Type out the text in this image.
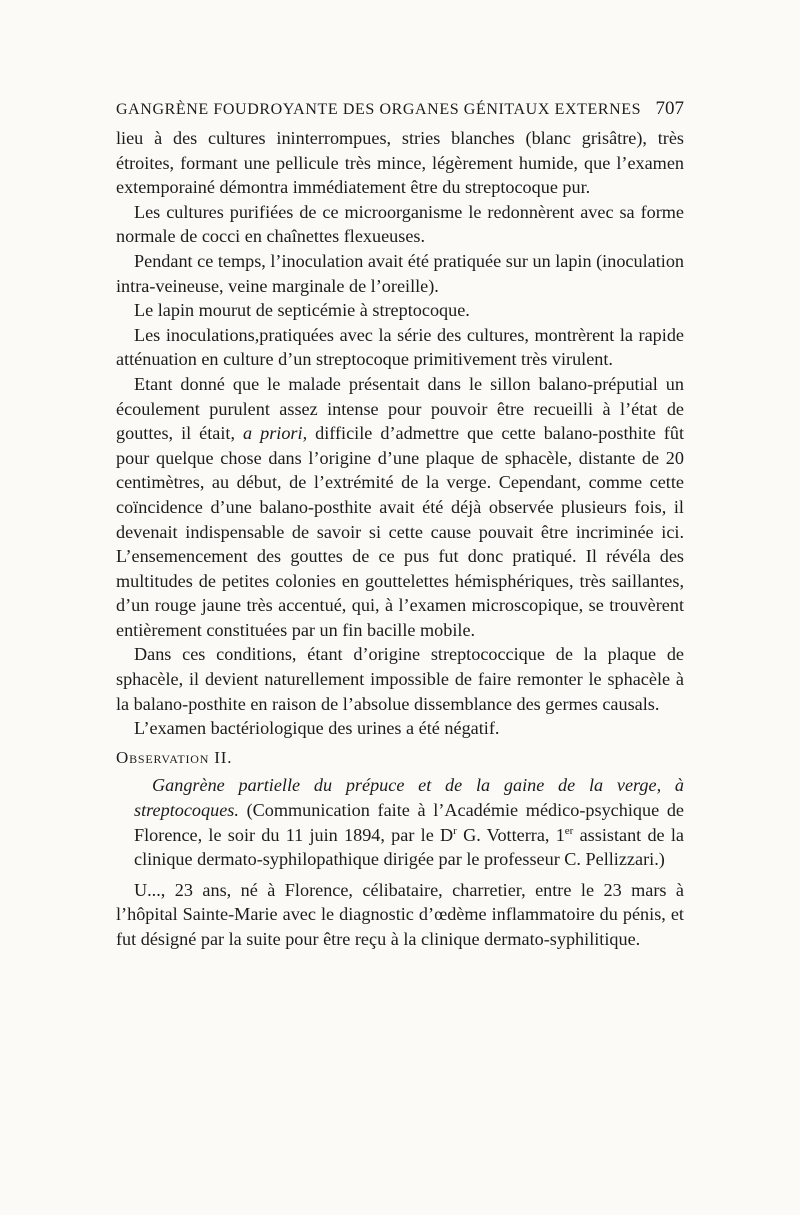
GANGRÈNE FOUDROYANTE DES ORGANES GÉNITAUX EXTERNES 707

lieu à des cultures ininterrompues, stries blanches (blanc grisâtre), très étroites, formant une pellicule très mince, légèrement humide, que l’examen extemporainé démontra immédiatement être du streptocoque pur.

Les cultures purifiées de ce microorganisme le redonnèrent avec sa forme normale de cocci en chaînettes flexueuses.

Pendant ce temps, l’inoculation avait été pratiquée sur un lapin (inoculation intra-veineuse, veine marginale de l’oreille).

Le lapin mourut de septicémie à streptocoque.

Les inoculations,pratiquées avec la série des cultures, montrèrent la rapide atténuation en culture d’un streptocoque primitivement très virulent.

Etant donné que le malade présentait dans le sillon balano-préputial un écoulement purulent assez intense pour pouvoir être recueilli à l’état de gouttes, il était, a priori, difficile d’admettre que cette balano-posthite fût pour quelque chose dans l’origine d’une plaque de sphacèle, distante de 20 centimètres, au début, de l’extrémité de la verge. Cependant, comme cette coïncidence d’une balano-posthite avait été déjà observée plusieurs fois, il devenait indispensable de savoir si cette cause pouvait être incriminée ici. L’ensemencement des gouttes de ce pus fut donc pratiqué. Il révéla des multitudes de petites colonies en gouttelettes hémisphériques, très saillantes, d’un rouge jaune très accentué, qui, à l’examen microscopique, se trouvèrent entièrement constituées par un fin bacille mobile.

Dans ces conditions, étant d’origine streptococcique de la plaque de sphacèle, il devient naturellement impossible de faire remonter le sphacèle à la balano-posthite en raison de l’absolue dissemblance des germes causals.

L’examen bactériologique des urines a été négatif.

Observation II.

Gangrène partielle du prépuce et de la gaine de la verge, à streptocoques. (Communication faite à l’Académie médico-psychique de Florence, le soir du 11 juin 1894, par le $D^r$ G. Votterra, 1er assistant de la clinique dermato-syphilopathique dirigée par le professeur C. Pellizzari.)

U..., 23 ans, né à Florence, célibataire, charretier, entre le 23 mars à l’hôpital Sainte-Marie avec le diagnostic d’œdème inflammatoire du pénis, et fut désigné par la suite pour être reçu à la clinique dermato-syphilitique.
